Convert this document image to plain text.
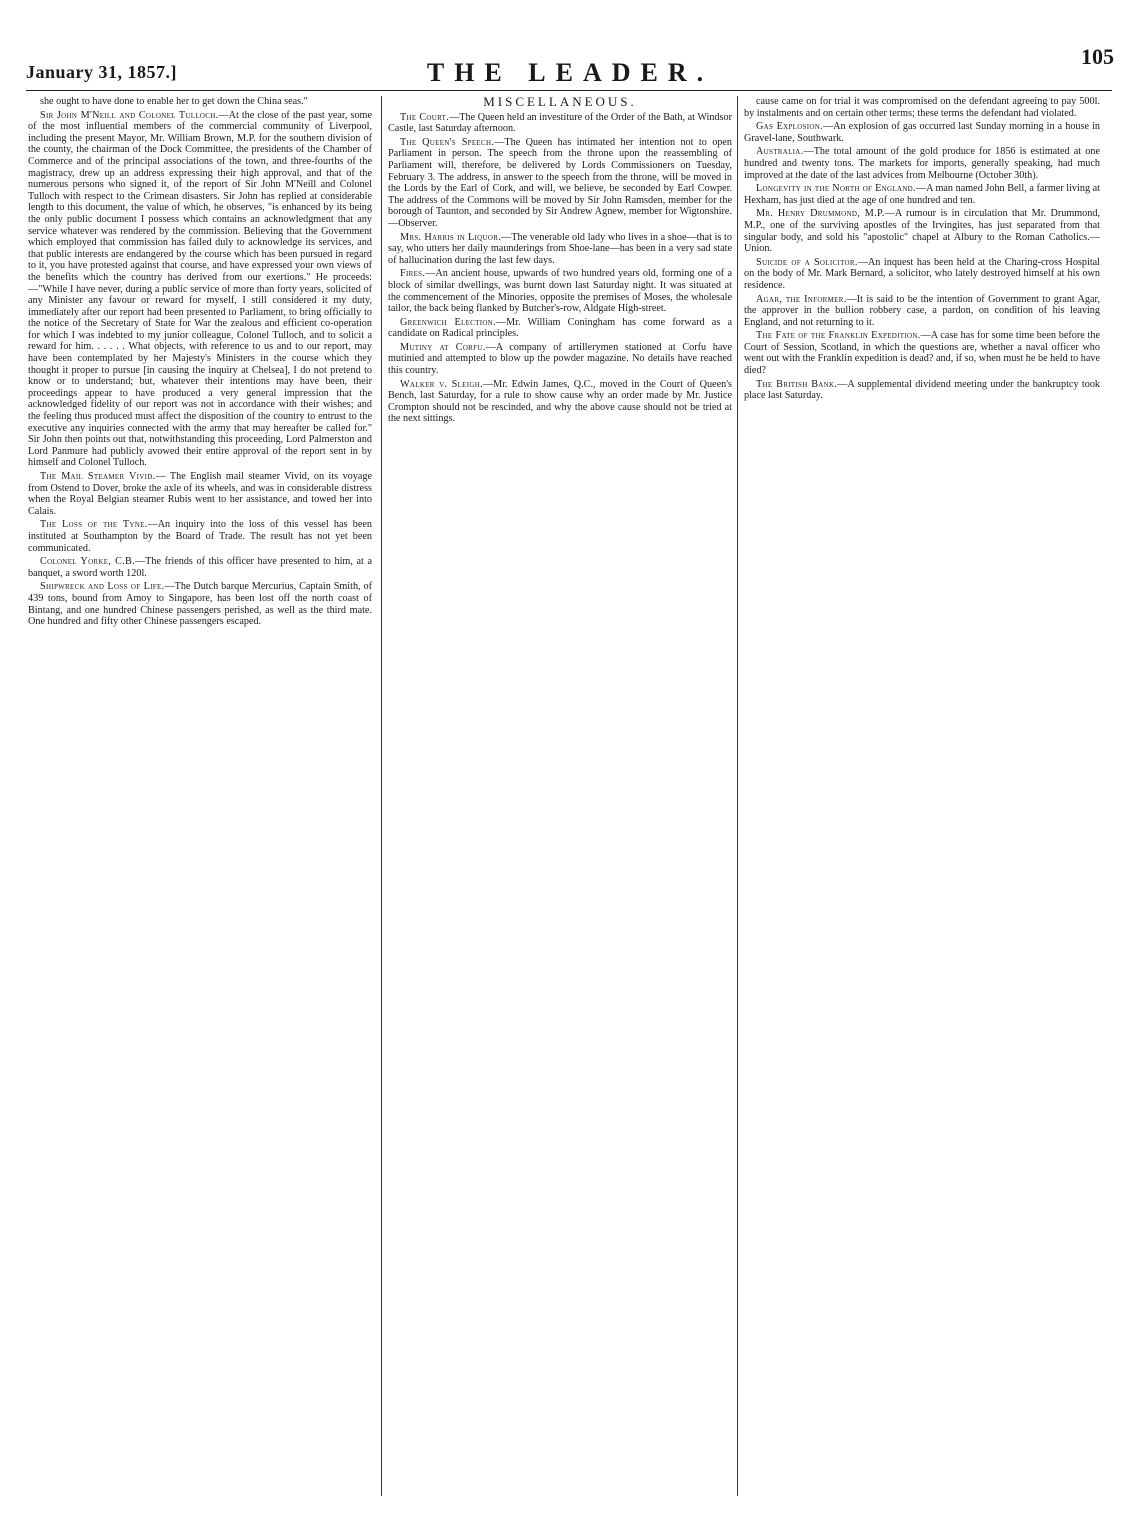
January 31, 1857.]	THE LEADER.
105

she ought to have done to enable her to get down the China seas."

Sir John M'Neill and Colonel Tulloch.—At the close of the past year, some of the most influential members of the commercial community of Liverpool, including the present Mayor, Mr. William Brown, M.P. for the southern division of the county, the chairman of the Dock Committee, the presidents of the Chamber of Commerce and of the principal associations of the town, and three-fourths of the magistracy, drew up an address expressing their high approval, and that of the numerous persons who signed it, of the report of Sir John M'Neill and Colonel Tulloch with respect to the Crimean disasters. Sir John has replied at considerable length to this document, the value of which, he observes, "is enhanced by its being the only public document I possess which contains an acknowledgment that any service whatever was rendered by the commission. Believing that the Government which employed that commission has failed duly to acknowledge its services, and that public interests are endangered by the course which has been pursued in regard to it, you have protested against that course, and have expressed your own views of the benefits which the country has derived from our exertions." He proceeds:—"While I have never, during a public service of more than forty years, solicited of any Minister any favour or reward for myself, I still considered it my duty, immediately after our report had been presented to Parliament, to bring officially to the notice of the Secretary of State for War the zealous and efficient co-operation for which I was indebted to my junior colleague, Colonel Tulloch, and to solicit a reward for him. . . . . . What objects, with reference to us and to our report, may have been contemplated by her Majesty's Ministers in the course which they thought it proper to pursue [in causing the inquiry at Chelsea], I do not pretend to know or to understand; but, whatever their intentions may have been, their proceedings appear to have produced a very general impression that the acknowledged fidelity of our report was not in accordance with their wishes; and the feeling thus produced must affect the disposition of the country to entrust to the executive any inquiries connected with the army that may hereafter be called for." Sir John then points out that, notwithstanding this proceeding, Lord Palmerston and Lord Panmure had publicly avowed their entire approval of the report sent in by himself and Colonel Tulloch.

The Mail Steamer Vivid.— The English mail steamer Vivid, on its voyage from Ostend to Dover, broke the axle of its wheels, and was in considerable distress when the Royal Belgian steamer Rubis went to her assistance, and towed her into Calais.

The Loss of the Tyne.—An inquiry into the loss of this vessel has been instituted at Southampton by the Board of Trade. The result has not yet been communicated.

Colonel Yorke, C.B.—The friends of this officer have presented to him, at a banquet, a sword worth 120l.

Shipwreck and Loss of Life.—The Dutch barque Mercurius, Captain Smith, of 439 tons, bound from Amoy to Singapore, has been lost off the north coast of Bintang, and one hundred Chinese passengers perished, as well as the third mate. One hundred and fifty other Chinese passengers escaped.

MISCELLANEOUS.

The Court.—The Queen held an investiture of the Order of the Bath, at Windsor Castle, last Saturday afternoon.

The Queen's Speech.—The Queen has intimated her intention not to open Parliament in person. The speech from the throne upon the reassembling of Parliament will, therefore, be delivered by Lords Commissioners on Tuesday, February 3. The address, in answer to the speech from the throne, will be moved in the Lords by the Earl of Cork, and will, we believe, be seconded by Earl Cowper. The address of the Commons will be moved by Sir John Ramsden, member for the borough of Taunton, and seconded by Sir Andrew Agnew, member for Wigtonshire.—Observer.

Mrs. Harris in Liquor.—The venerable old lady who lives in a shoe—that is to say, who utters her daily maunderings from Shoe-lane—has been in a very sad state of hallucination during the last few days.

Fires.—An ancient house, upwards of two hundred years old, forming one of a block of similar dwellings, was burnt down last Saturday night. It was situated at the commencement of the Minories, opposite the premises of Moses, the wholesale tailor, the back being flanked by Butcher's-row, Aldgate High-street.

Greenwich Election.—Mr. William Coningham has come forward as a candidate on Radical principles.

Mutiny at Corfu.—A company of artillerymen stationed at Corfu have mutinied and attempted to blow up the powder magazine. No details have reached this country.

Walker v. Sleigh.—Mr. Edwin James, Q.C., moved in the Court of Queen's Bench, last Saturday, for a rule to show cause why an order made by Mr. Justice Crompton should not be rescinded, and why the above cause should not be tried at the next sittings.

cause came on for trial it was compromised on the defendant agreeing to pay 500l. by instalments and on certain other terms; these terms the defendant had violated.

Gas Explosion.—An explosion of gas occurred last Sunday morning in a house in Gravel-lane, Southwark.

Australia.—The total amount of the gold produce for 1856 is estimated at one hundred and twenty tons. The markets for imports, generally speaking, had much improved at the date of the last advices from Melbourne (October 30th).

Longevity in the North of England.—A man named John Bell, a farmer living at Hexham, has just died at the age of one hundred and ten.

Mr. Henry Drummond, M.P.—A rumour is in circulation that Mr. Drummond, M.P., one of the surviving apostles of the Irvingites, has just separated from that singular body, and sold his "apostolic" chapel at Albury to the Roman Catholics.—Union.

Suicide of a Solicitor.—An inquest has been held at the Charing-cross Hospital on the body of Mr. Mark Bernard, a solicitor, who lately destroyed himself at his own residence.

Agar, the Informer.—It is said to be the intention of Government to grant Agar, the approver in the bullion robbery case, a pardon, on condition of his leaving England, and not returning to it.

The Fate of the Franklin Expedition.—A case has for some time been before the Court of Session, Scotland, in which the questions are, whether a naval officer who went out with the Franklin expedition is dead? and, if so, when must he be held to have died?

The British Bank.—A supplemental dividend meeting under the bankruptcy took place last Saturday.
